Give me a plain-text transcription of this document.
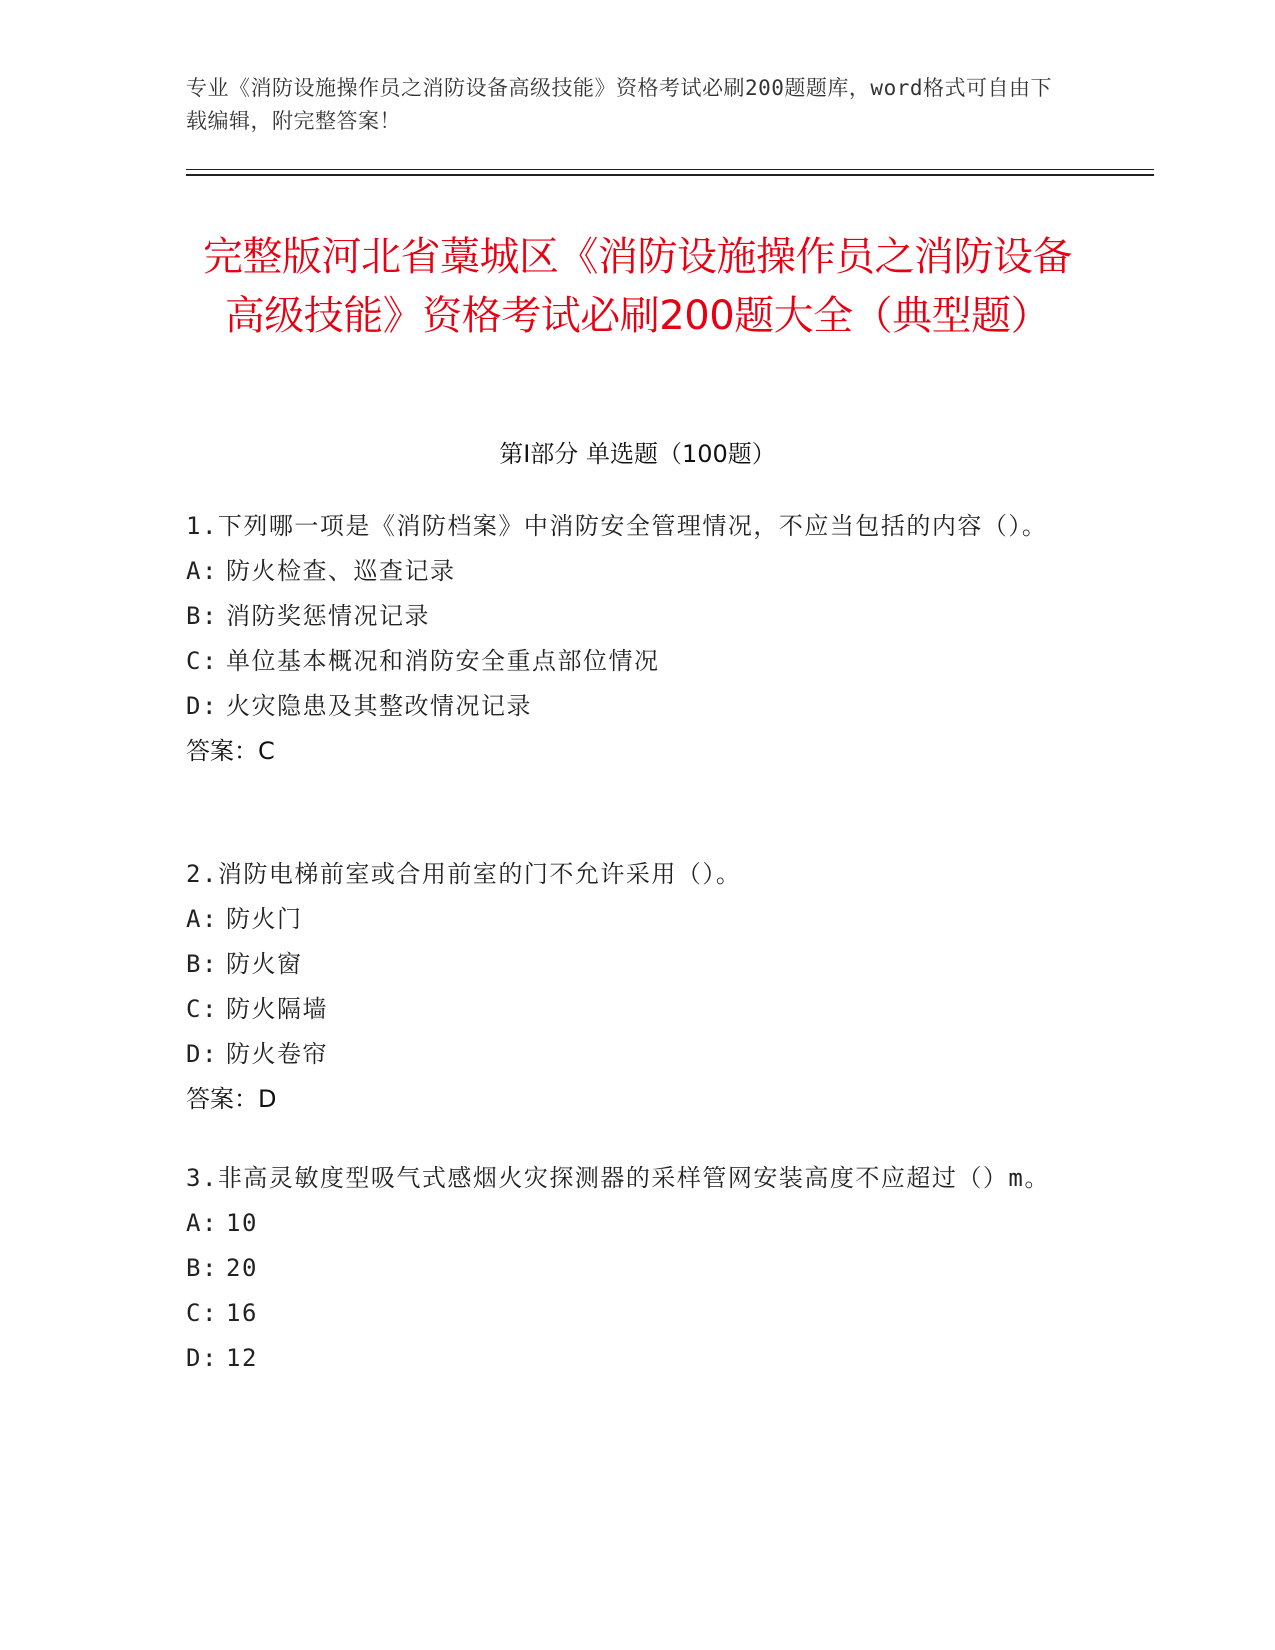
专业《消防设施操作员之消防设备高级技能》资格考试必刷200题题库，word格式可自由下载编辑，附完整答案！
完整版河北省藁城区《消防设施操作员之消防设备高级技能》资格考试必刷200题大全（典型题）
第Ⅰ部分 单选题（100题）

1.下列哪一项是《消防档案》中消防安全管理情况，不应当包括的内容（）。

A: 防火检查、巡查记录

B: 消防奖惩情况记录

C: 单位基本概况和消防安全重点部位情况

D: 火灾隐患及其整改情况记录

答案：C

2.消防电梯前室或合用前室的门不允许采用（）。

A: 防火门

B: 防火窗

C: 防火隔墙

D: 防火卷帘

答案：D

3.非高灵敏度型吸气式感烟火灾探测器的采样管网安装高度不应超过（）m。

A: 10

B: 20

C: 16

D: 12
